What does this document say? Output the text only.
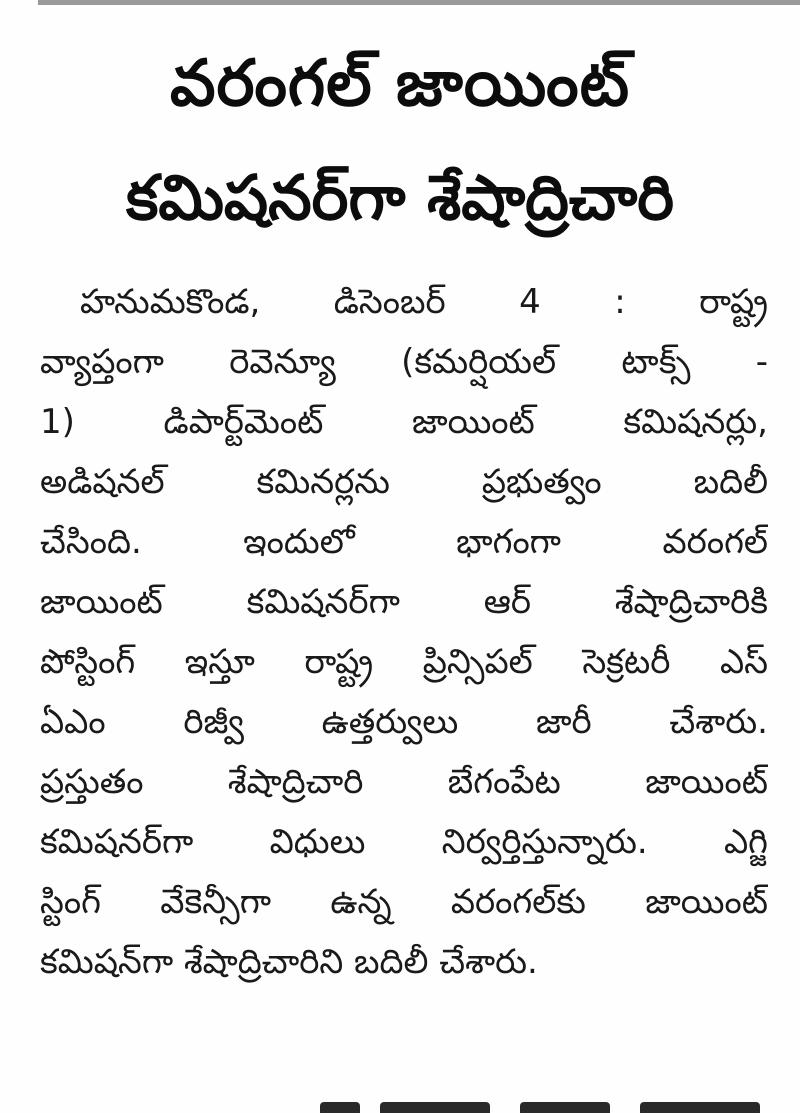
వరంగల్ జాయింట్
కమిషనర్‌గా శేషాద్రిచారి
హనుమకొండ, డిసెంబర్ 4 : రాష్ట్ర
వ్యాప్తంగా రెవెన్యూ (కమర్షియల్ టాక్స్ -
1) డిపార్ట్‌మెంట్ జాయింట్ కమిషనర్లు,
అడిషనల్ కమినర్లను ప్రభుత్వం బదిలీ
చేసింది. ఇందులో భాగంగా వరంగల్
జాయింట్ కమిషనర్‌గా ఆర్ శేషాద్రిచారికి
పోస్టింగ్ ఇస్తూ రాష్ట్ర ప్రిన్సిపల్ సెక్రటరీ ఎస్
ఏఎం రిజ్వీ ఉత్తర్వులు జారీ చేశారు.
ప్రస్తుతం శేషాద్రిచారి బేగంపేట జాయింట్
కమిషనర్‌గా విధులు నిర్వర్తిస్తున్నారు. ఎగ్జి
స్టింగ్ వేకెన్సీగా ఉన్న వరంగల్‌కు జాయింట్
కమిషన్‌గా శేషాద్రిచారిని బదిలీ చేశారు.
